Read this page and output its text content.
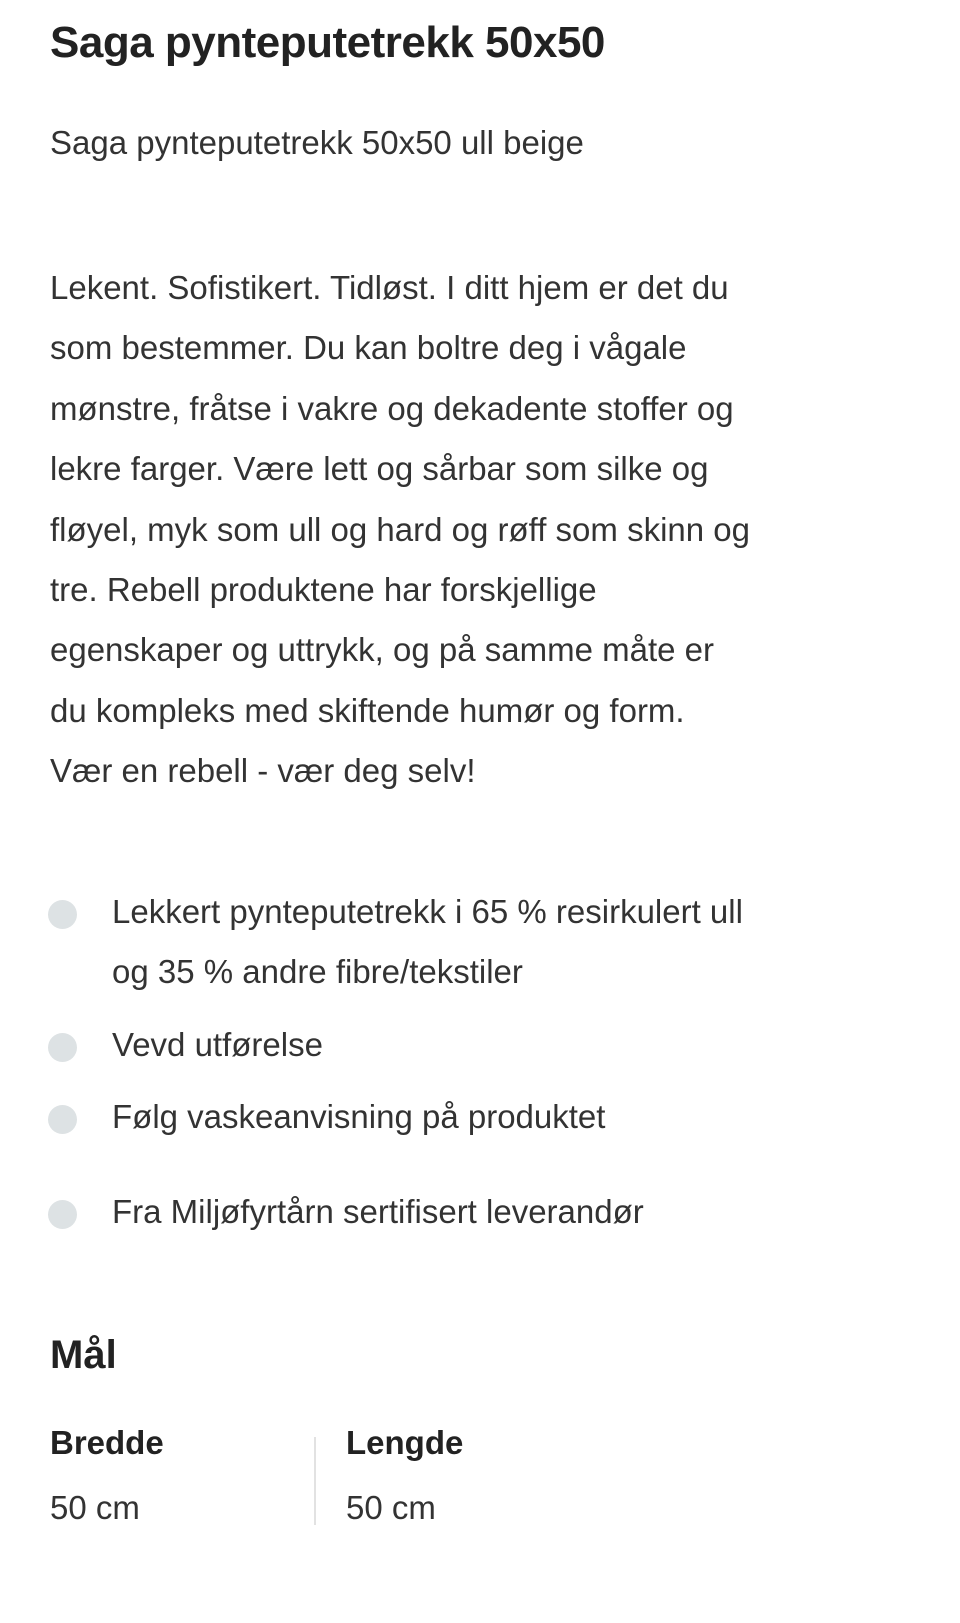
Saga pynteputetrekk 50x50
Saga pynteputetrekk 50x50 ull beige
Lekent. Sofistikert. Tidløst. I ditt hjem er det du
som bestemmer. Du kan boltre deg i vågale
mønstre, fråtse i vakre og dekadente stoffer og
lekre farger. Være lett og sårbar som silke og
fløyel, myk som ull og hard og røff som skinn og
tre. Rebell produktene har forskjellige
egenskaper og uttrykk, og på samme måte er
du kompleks med skiftende humør og form.
Vær en rebell - vær deg selv!
Lekkert pynteputetrekk i 65 % resirkulert ull
og 35 % andre fibre/tekstiler
Vevd utførelse
Følg vaskeanvisning på produktet
Fra Miljøfyrtårn sertifisert leverandør
Mål
Bredde
50 cm
Lengde
50 cm
